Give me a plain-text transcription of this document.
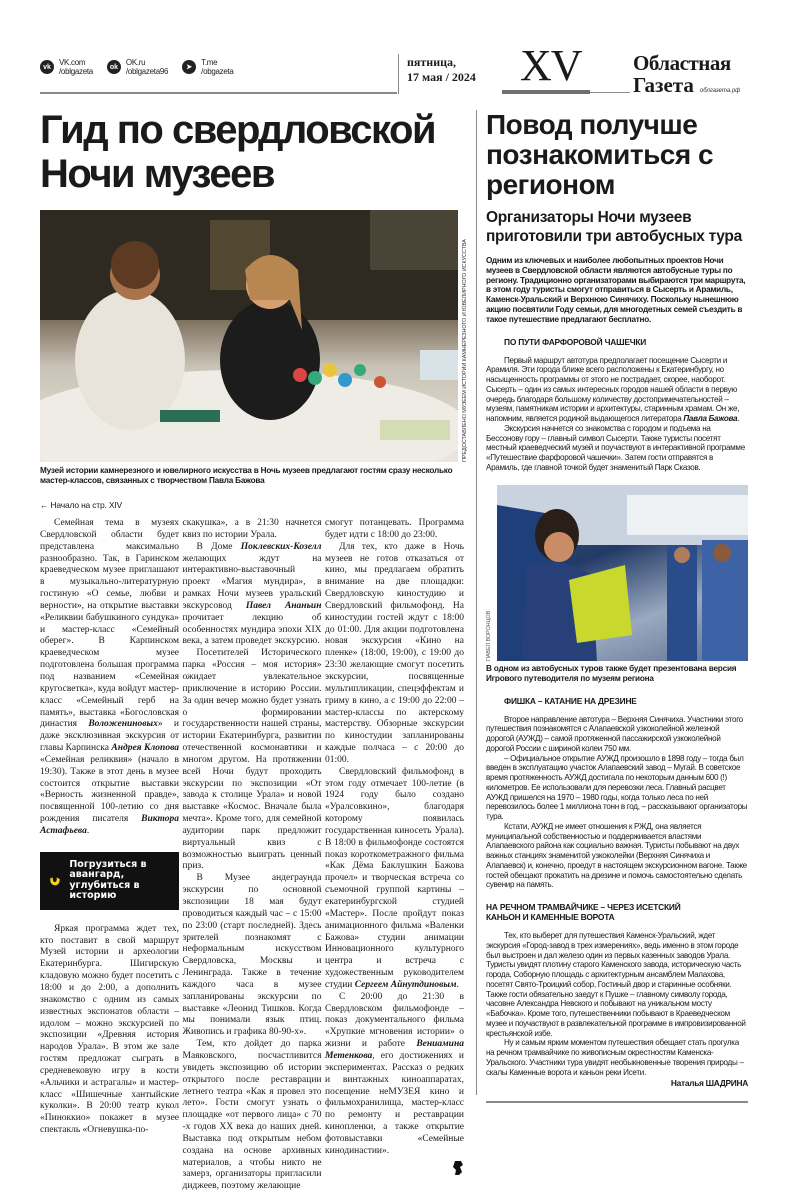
vk	VK.com
/oblgazeta	ok OK.ru
/oblgazeta96	➤
T.me
/obgazeta
пятница,
17 мая / 2024 XV Областная
Газета облгазета.рф
Гид по свердловской Ночи музеев
ПРЕДОСТАВЛЕНО МУЗЕЕМ ИСТОРИИ КАМНЕРЕЗНОГО И ЮВЕЛИРНОГО ИСКУССТВА
Музей истории камнерезного и ювелирного искусства в Ночь музеев предлагают гостям сразу несколько мастер-классов, связанных с творчеством Павла Бажова
← Начало на стр. XIV

Семейная тема в музеях Свердловской области будет представлена максимально разнообразно. Так, в Гаринском краеведческом музее приглашают в музыкально-литературную гостиную «О семье, любви и верности», на открытие выставки «Реликвии бабушкиного сундука» и мастер-класс «Семейный оберег». В Карпинском краеведческом музее подготовлена большая программа под названием «Семейная кругосветка», куда войдут мастер-класс «Семейный герб на память», выставка «Богословская династия Воложениновых» и даже эксклюзивная экскурсия от главы Карпинска Андрея Клопова «Семейная реликвия» (начало в 19:30). Также в этот день в музее состоится открытие выставки «Верность жизненной правде», посвященной 100-летию со дня рождения писателя Виктора Астафьева.

Погрузиться в авангард, углубиться в историю

Яркая программа ждет тех, кто поставит в свой маршрут Музей истории и археологии Екатеринбурга. Шигирскую кладовую можно будет посетить с 18:00 и до 2:00, а дополнить знакомство с одним из самых известных экспонатов области – идолом – можно экскурсией по экспозиции «Древняя история народов Урала». В этом же зале гостям предложат сыграть в средневековую игру в кости «Альчики и астрагалы» и мастер-класс «Шишечные хантыйские куколки». В 20:00 театр кукол «Пиноккио» покажет в музее спектакль «Огневушка-по-

скакушка», а в 21:30 начнется квиз по истории Урала.

В Доме Поклевских-Козелл желающих ждут на интерактивно-выставочный проект «Магия мундира», в рамках Ночи музеев уральский экскурсовод Павел Ананьин прочитает лекцию об особенностях мундира эпохи XIX века, а затем проведет экскурсию.

Посетителей Исторического парка «Россия – моя история» ожидает увлекательное приключение в историю России. За один вечер можно будет узнать о формировании государственности нашей страны, истории Екатеринбурга, развитии отечественной космонавтики и многом другом. На протяжении всей Ночи будут проходить экскурсии по экспозиции «От завода к столице Урала» и новой выставке «Космос. Вначале была мечта». Кроме того, для семейной аудитории парк предложит виртуальный квиз с возможностью выиграть ценный приз.

В Музее андеграунда экскурсии по основной экспозиции 18 мая будут проводиться каждый час – с 15:00 по 23:00 (старт последней). Здесь зрителей познакомят с неформальным искусством Свердловска, Москвы и Ленинграда. Также в течение каждого часа в музее запланированы экскурсии по выставке «Леонид Тишков. Когда мы понимали язык птиц. Живопись и графика 80-90-х».

Тем, кто дойдет до парка Маяковского, посчастливится увидеть экспозицию об истории открытого после реставрации летнего театра «Как я провел это лето». Гости смогут узнать о площадке «от первого лица» с 70 -х годов XX века до наших дней. Выставка под открытым небом создана на основе архивных материалов, а чтобы никто не замерз, организаторы пригласили диджеев, поэтому желающие

смогут потанцевать. Программа будет идти с 18:00 до 23:00.

Для тех, кто даже в Ночь музеев не готов отказаться от кино, мы предлагаем обратить внимание на две площадки: Свердловскую киностудию и Свердловский фильмофонд. На киностудии гостей ждут с 18:00 до 01:00. Для акции подготовлена новая экскурсия «Кино на пленке» (18:00, 19:00), с 19:00 до 23:30 желающие смогут посетить экскурсии, посвященные мультипликации, спецэффектам и гриму в кино, а с 19:00 до 22:00 – мастер-классы по актерскому мастерству. Обзорные экскурсии по киностудии запланированы каждые полчаса – с 20:00 до 01:00.

Свердловский фильмофонд в этом году отмечает 100-летие (в 1924 году было создано «Уралсовкино», благодаря которому появилась государственная киносеть Урала). В 18:00 в фильмофонде состоятся показ короткометражного фильма «Как Дёма Баклушкин Бажова прочел» и творческая встреча со съемочной группой картины – екатеринбургской студией «Мастер». После пройдут показ анимационного фильма «Валенки Бажова» студии анимации Инновационного культурного центра и встреча с художественным руководителем студии Сергеем Айнутдиновым.

С 20:00 до 21:30 в Свердловском фильмофонде – показ документального фильма «Хрупкие мгновения истории» о жизни и работе Вениамина Метенкова, его достижениях и экспериментах. Рассказ о редких и винтажных киноаппаратах, посещение неМУЗЕЯ кино и фильмохранилища, мастер-класс по ремонту и реставрации кинопленки, а также открытие фотовыставки «Семейные кинодинастии».

Повод получше познакомиться с регионом
Организаторы Ночи музеев приготовили три автобусных тура
Одним из ключевых и наиболее любопытных проектов Ночи музеев в Свердловской области являются автобусные туры по региону. Традиционно организаторами выбираются три маршрута, в этом году туристы смогут отправиться в Сысерть и Арамиль, Каменск-Уральский и Верхнюю Синячиху. Поскольку нынешнюю акцию посвятили Году семьи, для многодетных семей съездить в такое путешествие предлагают бесплатно.
ПО ПУТИ ФАРФОРОВОЙ ЧАШЕЧКИ

Первый маршрут автотура предполагает посещение Сысерти и Арамиля. Эти города ближе всего расположены к Екатеринбургу, но насыщенность программы от этого не пострадает, скорее, наоборот. Сысерть – один из самых интересных городов нашей области в первую очередь благодаря большому количеству достопримечательностей – музеям, памятникам истории и архитектуры, старинным храмам. Он же, напомним, является родиной выдающегося литератора Павла Бажова.

Экскурсия начнется со знакомства с городом и подъема на Бессонову гору – главный символ Сысерти. Также туристы посетят местный краеведческий музей и поучаствуют в интерактивной программе «Путешествие фарфоровой чашечки». Затем гости отправятся в Арамиль, где главной точкой будет знаменитый Парк Сказов.

ПАВЕЛ ВОРОНЦОВ
В одном из автобусных туров также будет презентована версия Игрового путеводителя по музеям региона
ФИШКА – КАТАНИЕ НА ДРЕЗИНЕ

Второе направление автотура – Верхняя Синячиха. Участники этого путешествия познакомятся с Алапаевской узкоколейной железной дорогой (АУЖД) – самой протяженной пассажирской узкоколейной дорогой России с шириной колеи 750 мм.

– Официальное открытие АУЖД произошло в 1898 году – тогда был введен в эксплуатацию участок Алапаевский завод – Мугай. В советское время протяженность АУЖД достигала по некоторым данным 600 (!) километров. Ее использовали для перевозки леса. Главный расцвет АУЖД пришелся на 1970 – 1980 годы, когда только леса по ней перевозилось более 1 миллиона тонн в год, – рассказывают организаторы тура.

Кстати, АУЖД не имеет отношения к РЖД, она является муниципальной собственностью и поддерживается властями Алапаевского района как социально важная. Туристы побывают на двух важных станциях знаменитой узкоколейки (Верхняя Синячиха и Алапаевск) и, конечно, проедут в настоящем экскурсионном вагоне. Также гостей обещают прокатить на дрезине и помочь самостоятельно сделать сувенир на память.

НА РЕЧНОМ ТРАМВАЙЧИКЕ – ЧЕРЕЗ ИСЕТСКИЙ КАНЬОН И КАМЕННЫЕ ВОРОТА

Тех, кто выберет для путешествия Каменск-Уральский, ждет экскурсия «Город-завод в трех измерениях», ведь именно в этом городе был выстроен и дал железо один из первых казенных заводов Урала. Туристы увидят плотину старого Каменского завода, историческую часть города, Соборную площадь с архитектурным ансамблем Малахова, посетят Свято-Троицкий собор, Гостиный двор и старинные особняки. Также гости обязательно заедут к Пушке – главному символу города, часовне Александра Невского и побывают на уникальном мосту «Бабочка». Кроме того, путешественники побывают в Краеведческом музее и поучаствуют в развлекательной программе в импровизированной крестьянской избе.

Ну и самым ярким моментом путешествия обещает стать прогулка на речном трамвайчике по живописным окрестностям Каменска-Уральского. Участники тура увидят необыкновенные творения природы – скалы Каменные ворота и каньон реки Исети.

Наталья ШАДРИНА
